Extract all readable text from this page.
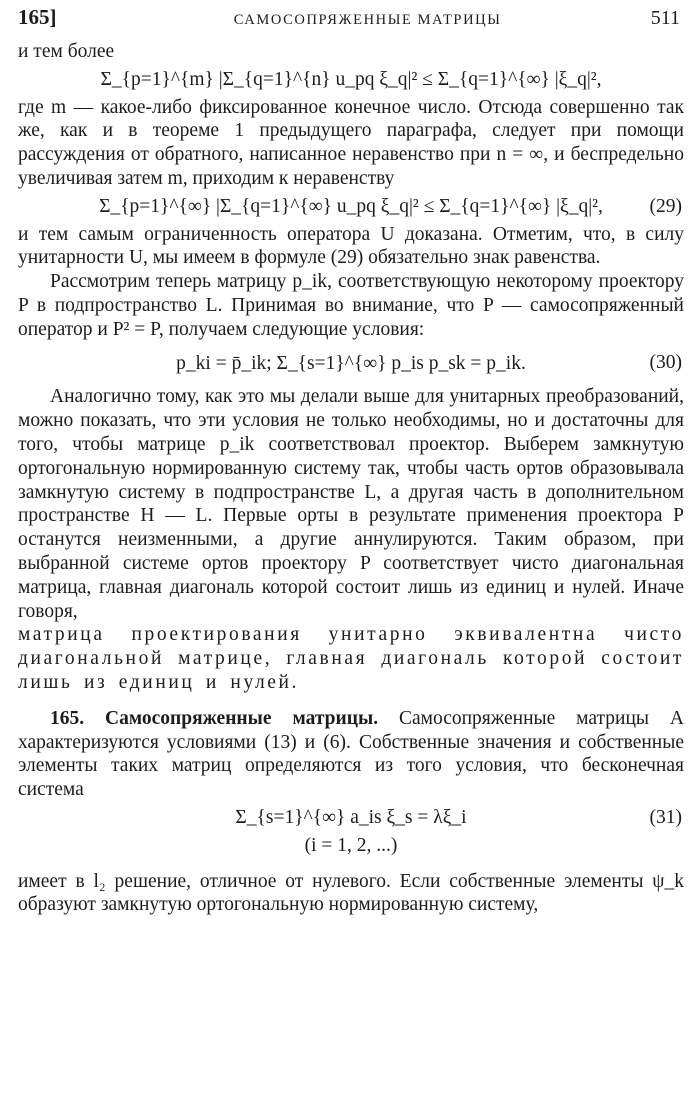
165]	САМОСОПРЯЖЕННЫЕ МАТРИЦЫ	511

и тем более

Σ_{p=1}^{m} |Σ_{q=1}^{n} u_pq ξ_q|² ≤ Σ_{q=1}^{∞} |ξ_q|²,

где m — какое-либо фиксированное конечное число. Отсюда совершенно так же, как и в теореме 1 предыдущего параграфа, следует при помощи рассуждения от обратного, написанное неравенство при n = ∞, и беспредельно увеличивая затем m, приходим к неравенству

Σ_{p=1}^{∞} |Σ_{q=1}^{∞} u_pq ξ_q|² ≤ Σ_{q=1}^{∞} |ξ_q|², (29)

и тем самым ограниченность оператора U доказана. Отметим, что, в силу унитарности U, мы имеем в формуле (29) обязательно знак равенства.

Рассмотрим теперь матрицу p_ik, соответствующую некоторому проектору P в подпространство L. Принимая во внимание, что P — самосопряженный оператор и P² = P, получаем следующие условия:

p_ki = p̄_ik; Σ_{s=1}^{∞} p_is p_sk = p_ik.	(30)

Аналогично тому, как это мы делали выше для унитарных преобразований, можно показать, что эти условия не только необходимы, но и достаточны для того, чтобы матрице p_ik соответствовал проектор. Выберем замкнутую ортогональную нормированную систему так, чтобы часть ортов образовывала замкнутую систему в подпространстве L, а другая часть в дополнительном пространстве H — L. Первые орты в результате применения проектора P останутся неизменными, а другие аннулируются. Таким образом, при выбранной системе ортов проектору P соответствует чисто диагональная матрица, главная диагональ которой состоит лишь из единиц и нулей. Иначе говоря,

матрица проектирования унитарно эквивалентна чисто диагональной матрице, главная диагональ которой состоит лишь из единиц и нулей.

165. Самосопряженные матрицы. Самосопряженные матрицы A характеризуются условиями (13) и (6). Собственные значения и собственные элементы таких матриц определяются из того условия, что бесконечная система

Σ_{s=1}^{∞} a_is ξ_s = λξ_i	(31)
(i = 1, 2, ...)

имеет в l₂ решение, отличное от нулевого. Если собственные элементы ψ_k образуют замкнутую ортогональную нормированную систему,
